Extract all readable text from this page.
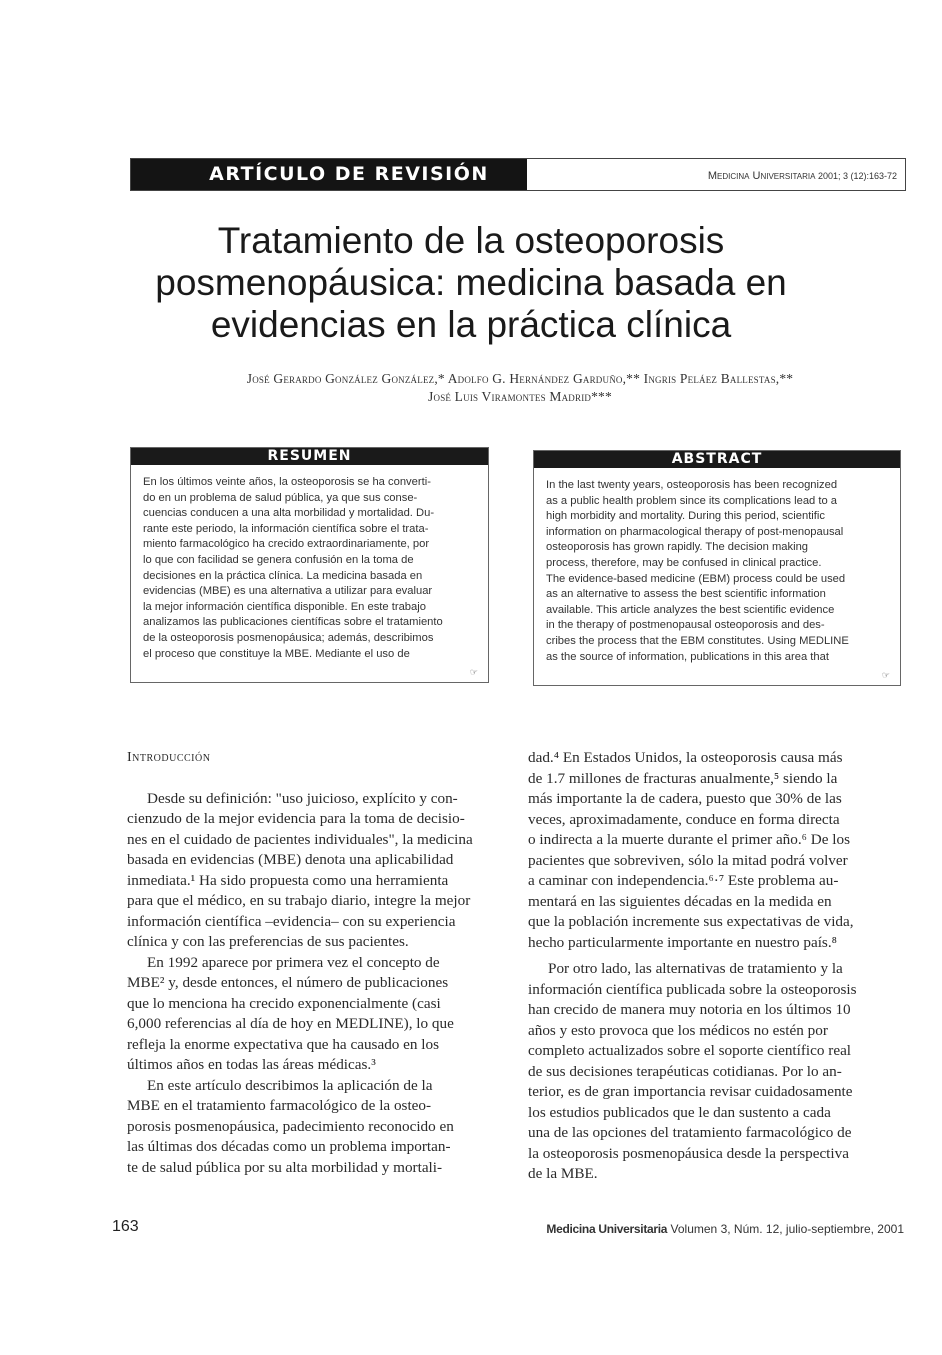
ARTÍCULO DE REVISIÓN	Medicina Universitaria 2001; 3 (12):163-72
Tratamiento de la osteoporosis
posmenopáusica: medicina basada en
evidencias en la práctica clínica
José Gerardo González González,* Adolfo G. Hernández Garduño,** Ingris Peláez Ballestas,**
José Luis Viramontes Madrid***
RESUMEN
En los últimos veinte años, la osteoporosis se ha converti-
do en un problema de salud pública, ya que sus conse-
cuencias conducen a una alta morbilidad y mortalidad. Du-
rante este periodo, la información científica sobre el trata-
miento farmacológico ha crecido extraordinariamente, por
lo que con facilidad se genera confusión en la toma de
decisiones en la práctica clínica. La medicina basada en
evidencias (MBE) es una alternativa a utilizar para evaluar
la mejor información científica disponible. En este trabajo
analizamos las publicaciones científicas sobre el tratamiento
de la osteoporosis posmenopáusica; además, describimos
el proceso que constituye la MBE. Mediante el uso de
☞
ABSTRACT
In the last twenty years, osteoporosis has been recognized
as a public health problem since its complications lead to a
high morbidity and mortality. During this period, scientific
information on pharmacological therapy of post-menopausal
osteoporosis has grown rapidly. The decision making
process, therefore, may be confused in clinical practice.
The evidence-based medicine (EBM) process could be used
as an alternative to assess the best scientific information
available. This article analyzes the best scientific evidence
in the therapy of postmenopausal osteoporosis and des-
cribes the process that the EBM constitutes. Using MEDLINE
as the source of information, publications in this area that
☞
Introducción
Desde su definición: "uso juicioso, explícito y con-
cienzudo de la mejor evidencia para la toma de decisio-
nes en el cuidado de pacientes individuales", la medicina
basada en evidencias (MBE) denota una aplicabilidad
inmediata.¹ Ha sido propuesta como una herramienta
para que el médico, en su trabajo diario, integre la mejor
información científica –evidencia– con su experiencia
clínica y con las preferencias de sus pacientes.
En 1992 aparece por primera vez el concepto de
MBE² y, desde entonces, el número de publicaciones
que lo menciona ha crecido exponencialmente (casi
6,000 referencias al día de hoy en MEDLINE), lo que
refleja la enorme expectativa que ha causado en los
últimos años en todas las áreas médicas.³
En este artículo describimos la aplicación de la
MBE en el tratamiento farmacológico de la osteo-
porosis posmenopáusica, padecimiento reconocido en
las últimas dos décadas como un problema importan-
te de salud pública por su alta morbilidad y mortali-
dad.⁴ En Estados Unidos, la osteoporosis causa más
de 1.7 millones de fracturas anualmente,⁵ siendo la
más importante la de cadera, puesto que 30% de las
veces, aproximadamente, conduce en forma directa
o indirecta a la muerte durante el primer año.⁶ De los
pacientes que sobreviven, sólo la mitad podrá volver
a caminar con independencia.⁶·⁷ Este problema au-
mentará en las siguientes décadas en la medida en
que la población incremente sus expectativas de vida,
hecho particularmente importante en nuestro país.⁸
Por otro lado, las alternativas de tratamiento y la
información científica publicada sobre la osteoporosis
han crecido de manera muy notoria en los últimos 10
años y esto provoca que los médicos no estén por
completo actualizados sobre el soporte científico real
de sus decisiones terapéuticas cotidianas. Por lo an-
terior, es de gran importancia revisar cuidadosamente
los estudios publicados que le dan sustento a cada
una de las opciones del tratamiento farmacológico de
la osteoporosis posmenopáusica desde la perspectiva
de la MBE.
163	Medicina Universitaria Volumen 3, Núm. 12, julio-septiembre, 2001
